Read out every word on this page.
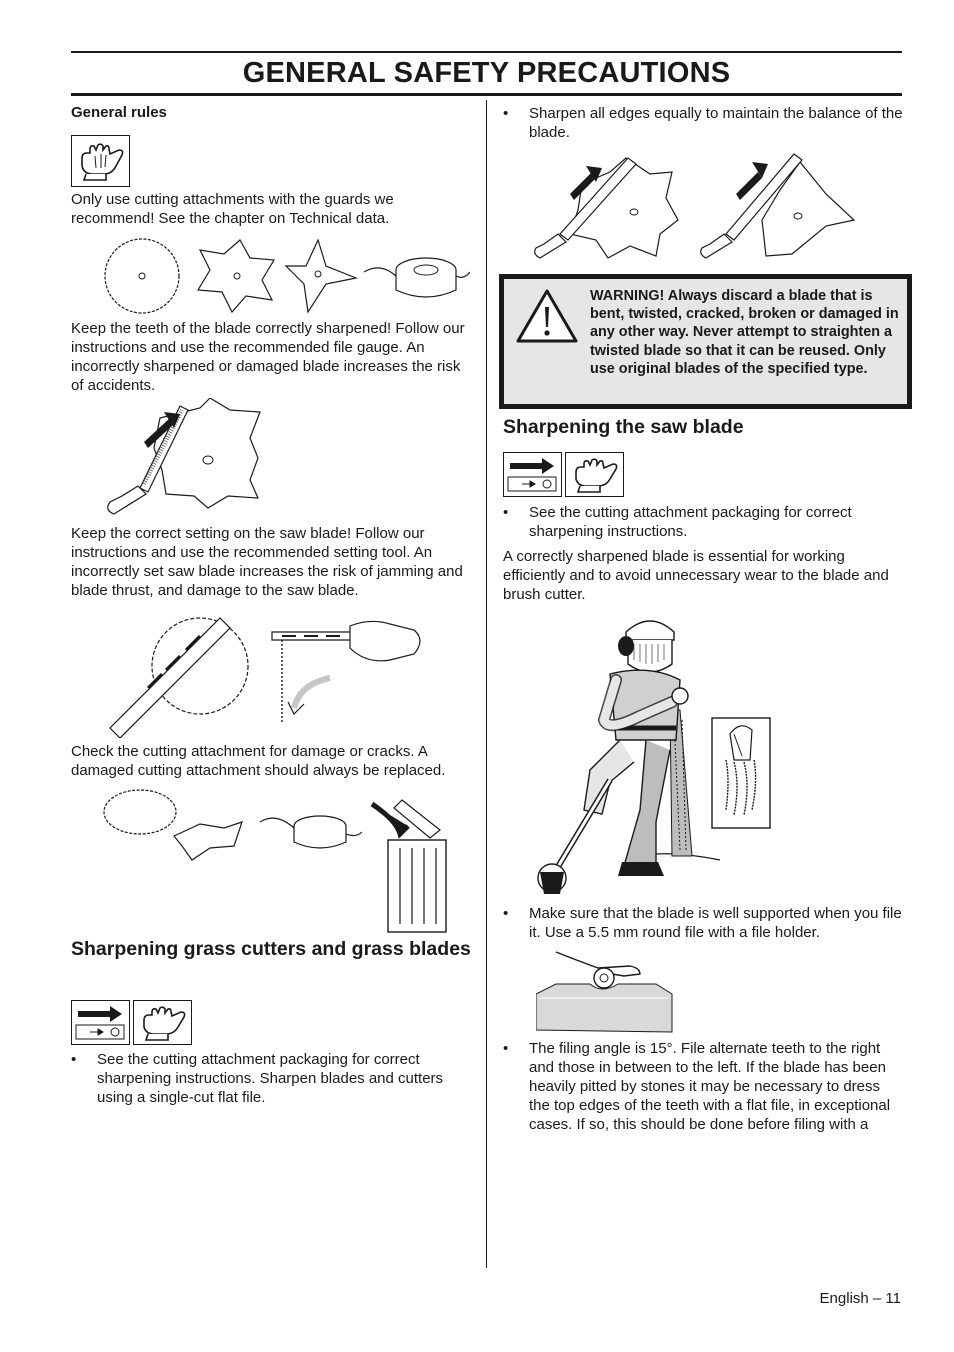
GENERAL SAFETY PRECAUTIONS
General rules
Only use cutting attachments with the guards we recommend! See the chapter on Technical data.
Keep the teeth of the blade correctly sharpened! Follow our instructions and use the recommended file gauge. An incorrectly sharpened or damaged blade increases the risk of accidents.
Keep the correct setting on the saw blade! Follow our instructions and use the recommended setting tool. An incorrectly set saw blade increases the risk of jamming and blade thrust, and damage to the saw blade.
Check the cutting attachment for damage or cracks. A damaged cutting attachment should always be replaced.
Sharpening grass cutters and grass blades
• See the cutting attachment packaging for correct sharpening instructions. Sharpen blades and cutters using a single-cut flat file.
• Sharpen all edges equally to maintain the balance of the blade.
WARNING! Always discard a blade that is bent, twisted, cracked, broken or damaged in any other way. Never attempt to straighten a twisted blade so that it can be reused. Only use original blades of the specified type.
Sharpening the saw blade
• See the cutting attachment packaging for correct sharpening instructions.
A correctly sharpened blade is essential for working efficiently and to avoid unnecessary wear to the blade and brush cutter.
• Make sure that the blade is well supported when you file it. Use a 5.5 mm round file with a file holder.
• The filing angle is 15°. File alternate teeth to the right and those in between to the left. If the blade has been heavily pitted by stones it may be necessary to dress the top edges of the teeth with a flat file, in exceptional cases. If so, this should be done before filing with a
English – 11
